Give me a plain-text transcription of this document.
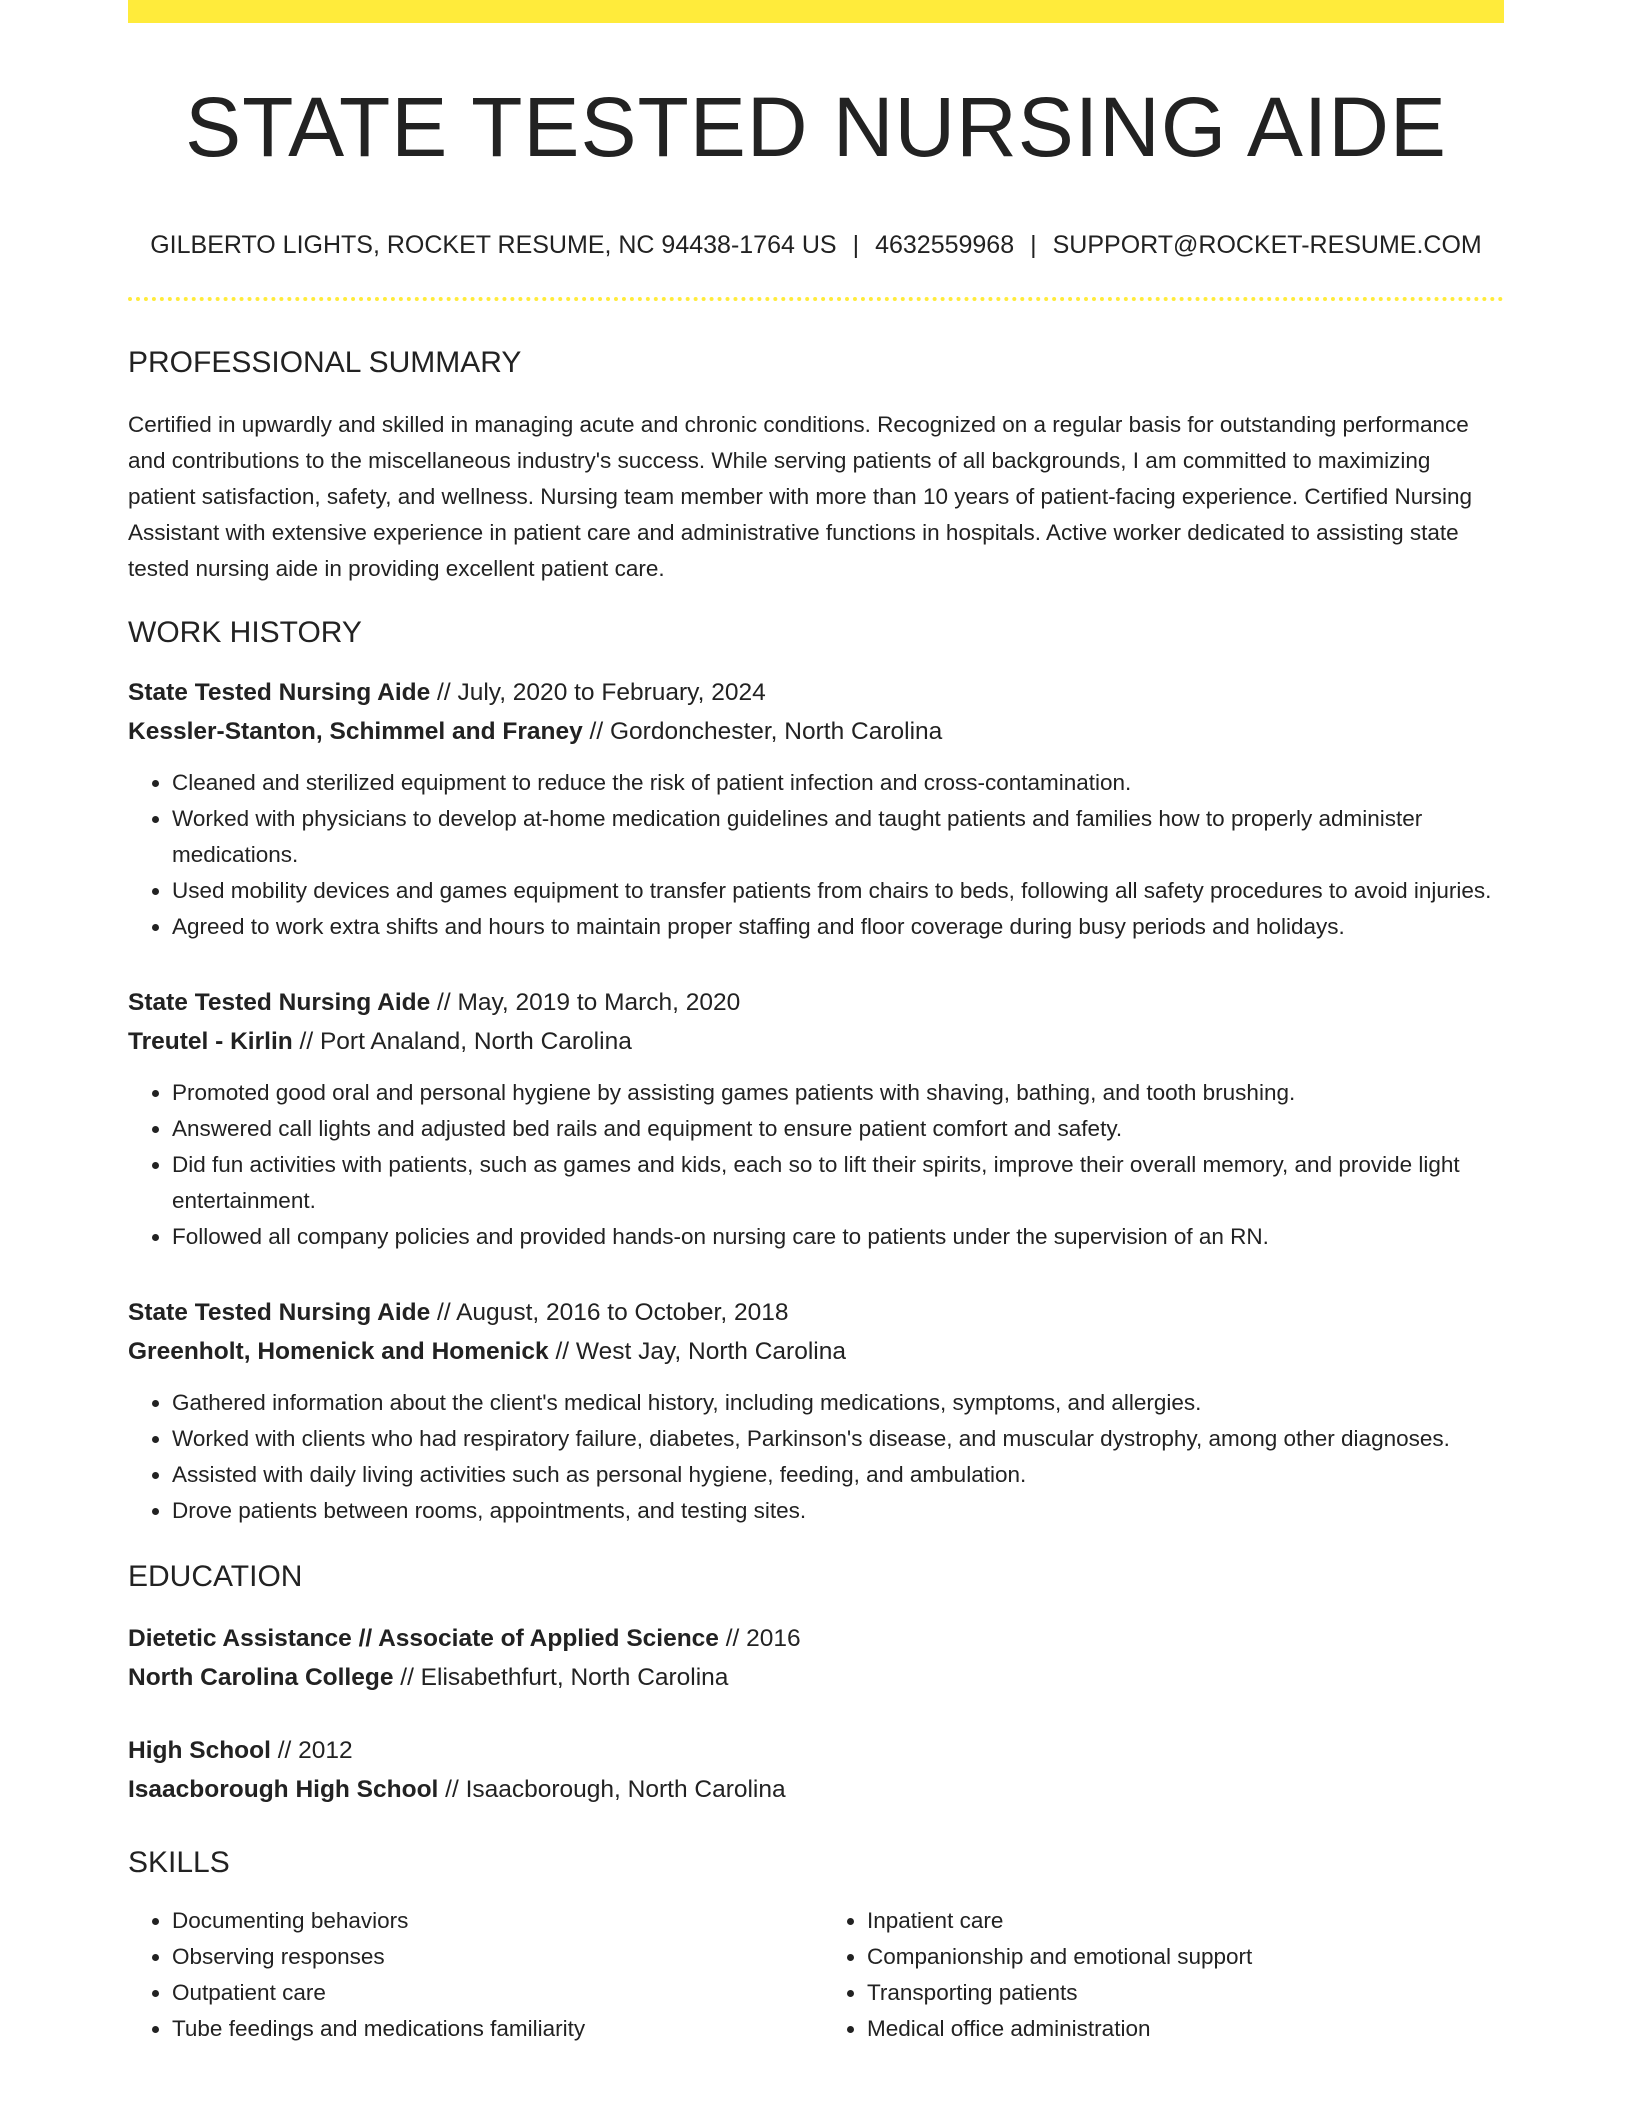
STATE TESTED NURSING AIDE
GILBERTO LIGHTS, ROCKET RESUME, NC 94438-1764 US | 4632559968 | SUPPORT@ROCKET-RESUME.COM
PROFESSIONAL SUMMARY

Certified in upwardly and skilled in managing acute and chronic conditions. Recognized on a regular basis for outstanding performance and contributions to the miscellaneous industry's success. While serving patients of all backgrounds, I am committed to maximizing patient satisfaction, safety, and wellness. Nursing team member with more than 10 years of patient-facing experience. Certified Nursing Assistant with extensive experience in patient care and administrative functions in hospitals. Active worker dedicated to assisting state tested nursing aide in providing excellent patient care.

WORK HISTORY
State Tested Nursing Aide // July, 2020 to February, 2024
Kessler-Stanton, Schimmel and Franey // Gordonchester, North Carolina
• Cleaned and sterilized equipment to reduce the risk of patient infection and cross-contamination.
• Worked with physicians to develop at-home medication guidelines and taught patients and families how to properly administer medications.
• Used mobility devices and games equipment to transfer patients from chairs to beds, following all safety procedures to avoid injuries.
• Agreed to work extra shifts and hours to maintain proper staffing and floor coverage during busy periods and holidays.
State Tested Nursing Aide // May, 2019 to March, 2020
Treutel - Kirlin // Port Analand, North Carolina
• Promoted good oral and personal hygiene by assisting games patients with shaving, bathing, and tooth brushing.
• Answered call lights and adjusted bed rails and equipment to ensure patient comfort and safety.
• Did fun activities with patients, such as games and kids, each so to lift their spirits, improve their overall memory, and provide light entertainment.
• Followed all company policies and provided hands-on nursing care to patients under the supervision of an RN.
State Tested Nursing Aide // August, 2016 to October, 2018
Greenholt, Homenick and Homenick // West Jay, North Carolina
• Gathered information about the client's medical history, including medications, symptoms, and allergies.
• Worked with clients who had respiratory failure, diabetes, Parkinson's disease, and muscular dystrophy, among other diagnoses.
• Assisted with daily living activities such as personal hygiene, feeding, and ambulation.
• Drove patients between rooms, appointments, and testing sites.
EDUCATION
Dietetic Assistance // Associate of Applied Science // 2016
North Carolina College // Elisabethfurt, North Carolina
High School // 2012
Isaacborough High School // Isaacborough, North Carolina
SKILLS
• Documenting behaviors
• Observing responses
• Outpatient care
• Tube feedings and medications familiarity
• Inpatient care
• Companionship and emotional support
• Transporting patients
• Medical office administration
